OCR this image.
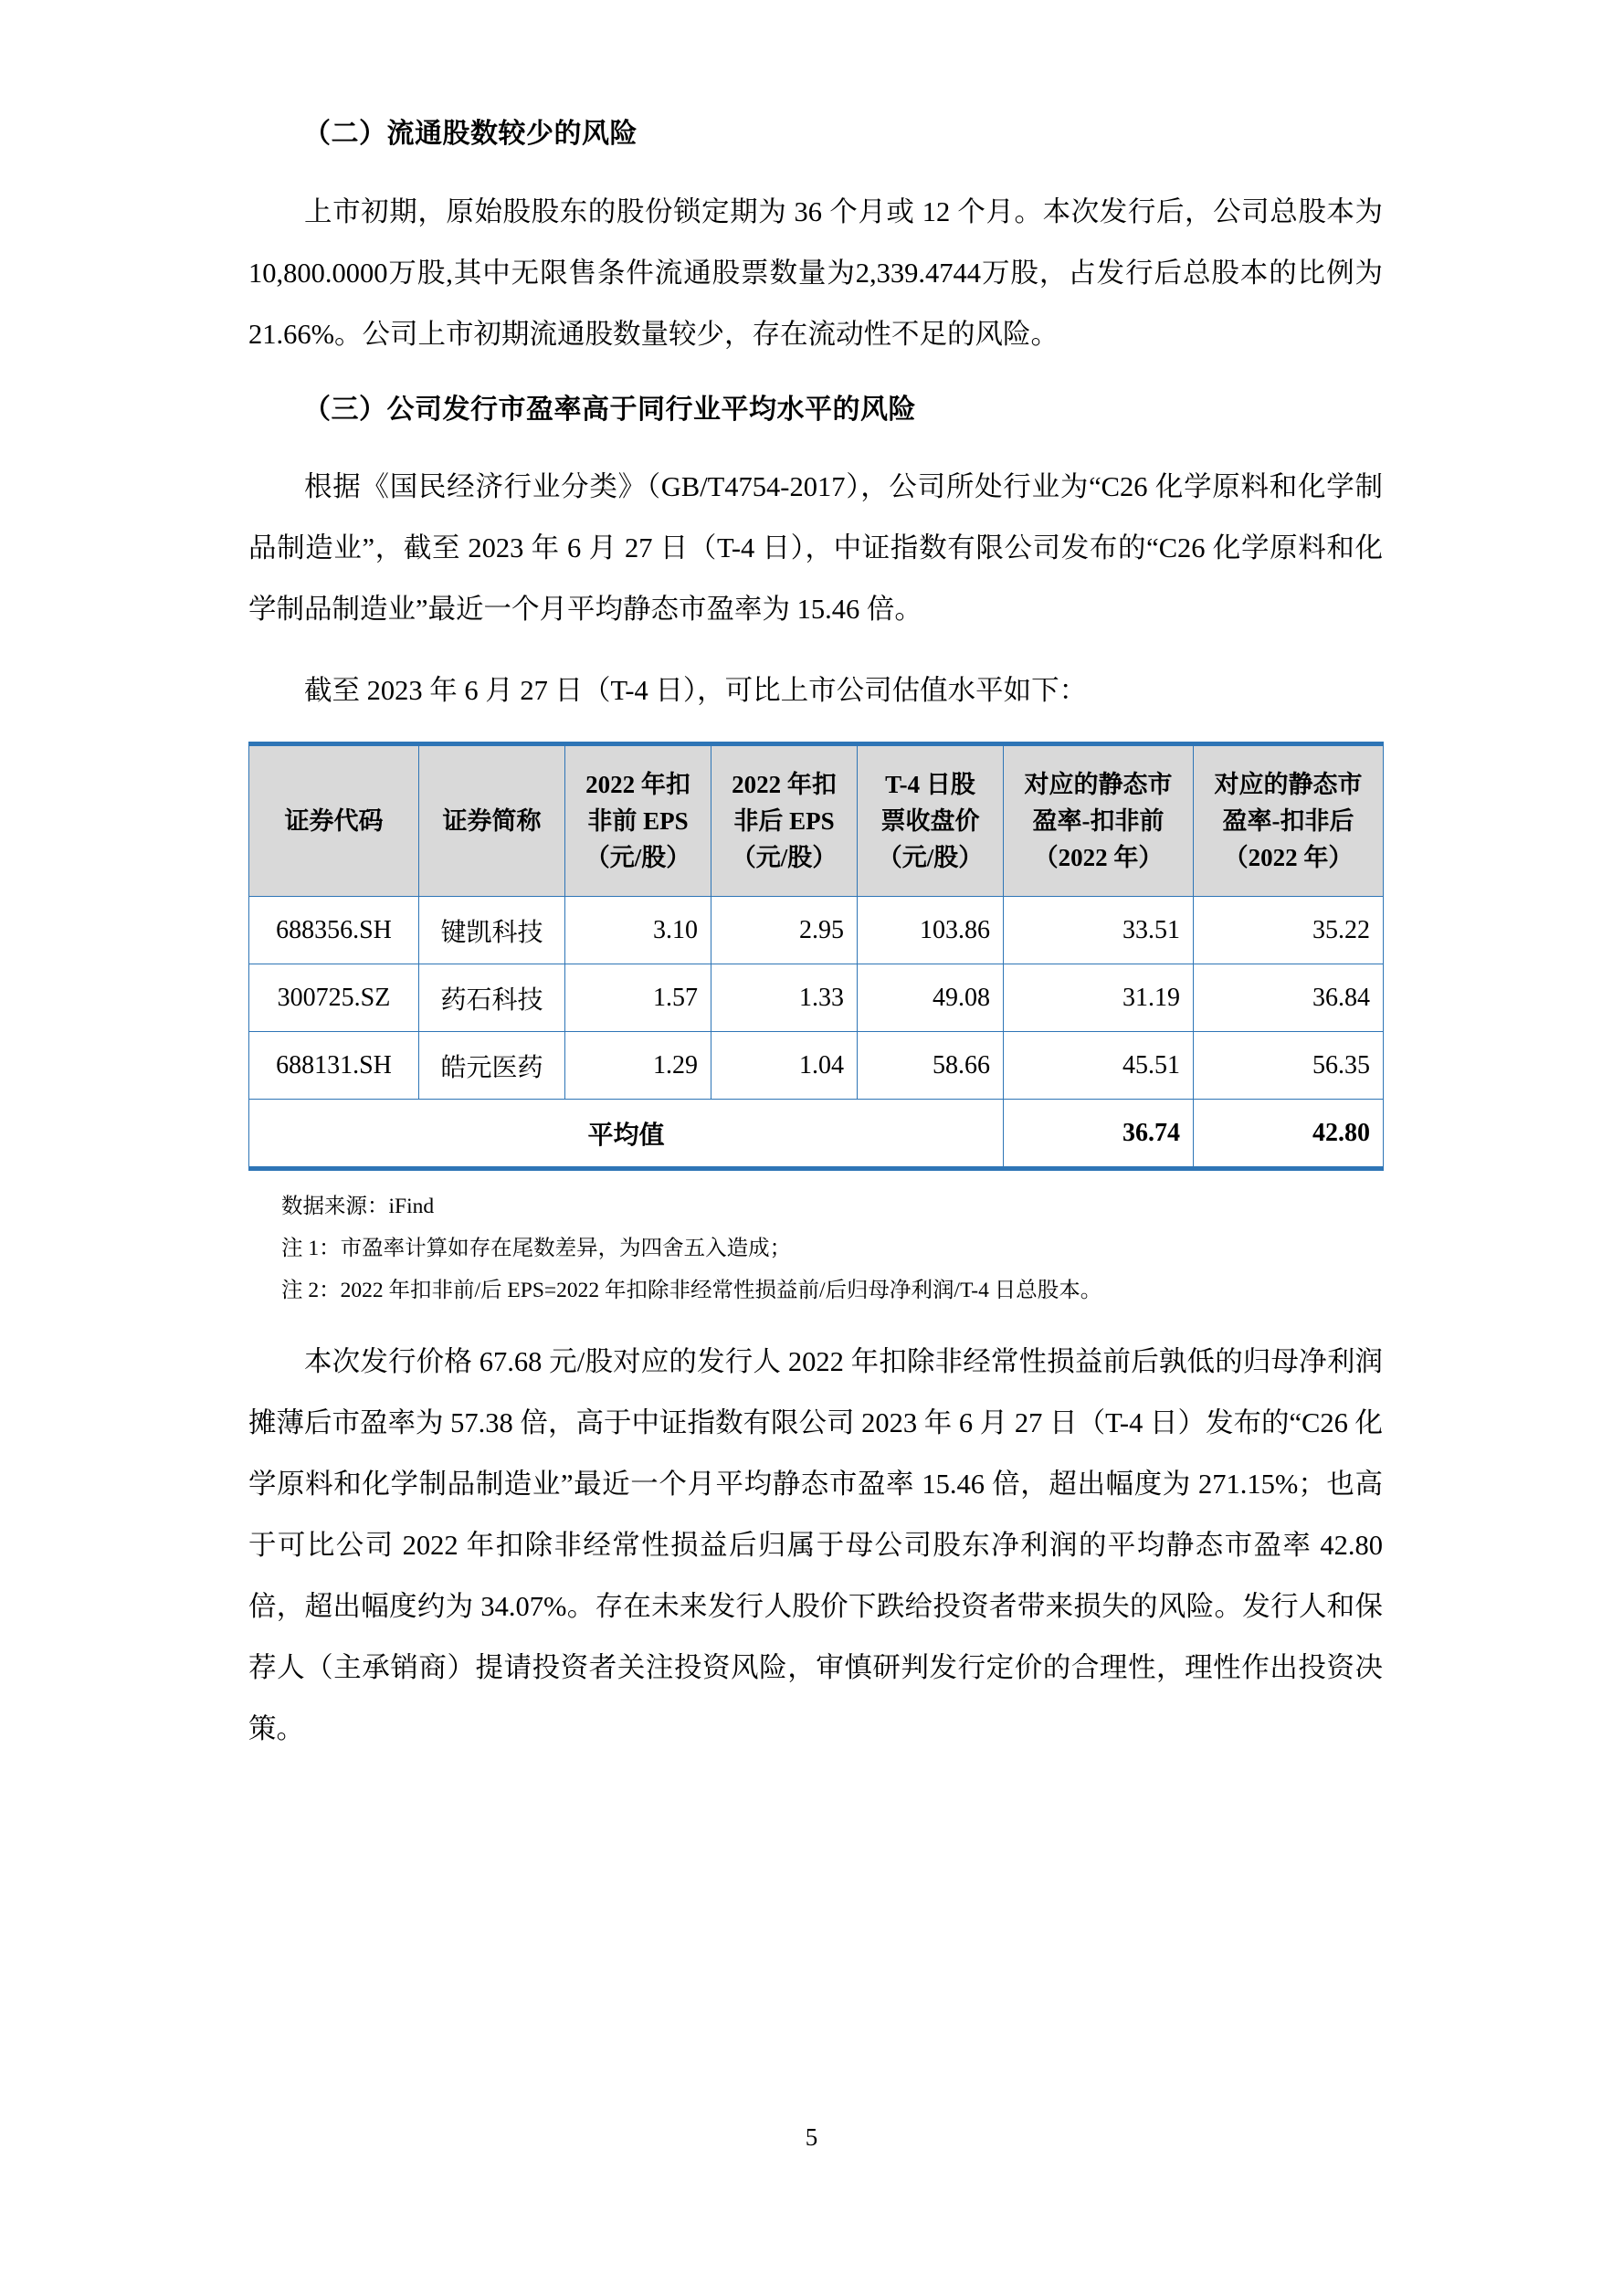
（二）流通股数较少的风险

上市初期，原始股股东的股份锁定期为 36 个月或 12 个月。本次发行后，公司总股本为10,800.0000万股,其中无限售条件流通股票数量为2,339.4744万股，占发行后总股本的比例为 21.66%。公司上市初期流通股数量较少，存在流动性不足的风险。

（三）公司发行市盈率高于同行业平均水平的风险

根据《国民经济行业分类》（GB/T4754-2017），公司所处行业为“C26 化学原料和化学制品制造业”，截至 2023 年 6 月 27 日（T-4 日），中证指数有限公司发布的“C26 化学原料和化学制品制造业”最近一个月平均静态市盈率为 15.46 倍。

截至 2023 年 6 月 27 日（T-4 日），可比上市公司估值水平如下：

证券代码	证券简称	2022 年扣
非前 EPS
（元/股）	2022 年扣
非后 EPS
（元/股）	T-4 日股
票收盘价
（元/股）	对应的静态市
盈率-扣非前
（2022 年）	对应的静态市
盈率-扣非后
（2022 年）

688356.SH	键凯科技	3.10	2.95	103.86	33.51	35.22
300725.SZ	药石科技	1.57	1.33	49.08	31.19	36.84
688131.SH	皓元医药	1.29	1.04	58.66	45.51	56.35
平均值					36.74	42.80
数据来源：iFind
注 1：市盈率计算如存在尾数差异，为四舍五入造成；
注 2：2022 年扣非前/后 EPS=2022 年扣除非经常性损益前/后归母净利润/T-4 日总股本。

本次发行价格 67.68 元/股对应的发行人 2022 年扣除非经常性损益前后孰低的归母净利润摊薄后市盈率为 57.38 倍，高于中证指数有限公司 2023 年 6 月 27 日（T-4 日）发布的“C26 化学原料和化学制品制造业”最近一个月平均静态市盈率 15.46 倍，超出幅度为 271.15%；也高于可比公司 2022 年扣除非经常性损益后归属于母公司股东净利润的平均静态市盈率 42.80 倍，超出幅度约为 34.07%。存在未来发行人股价下跌给投资者带来损失的风险。发行人和保荐人（主承销商）提请投资者关注投资风险，审慎研判发行定价的合理性，理性作出投资决策。

5
